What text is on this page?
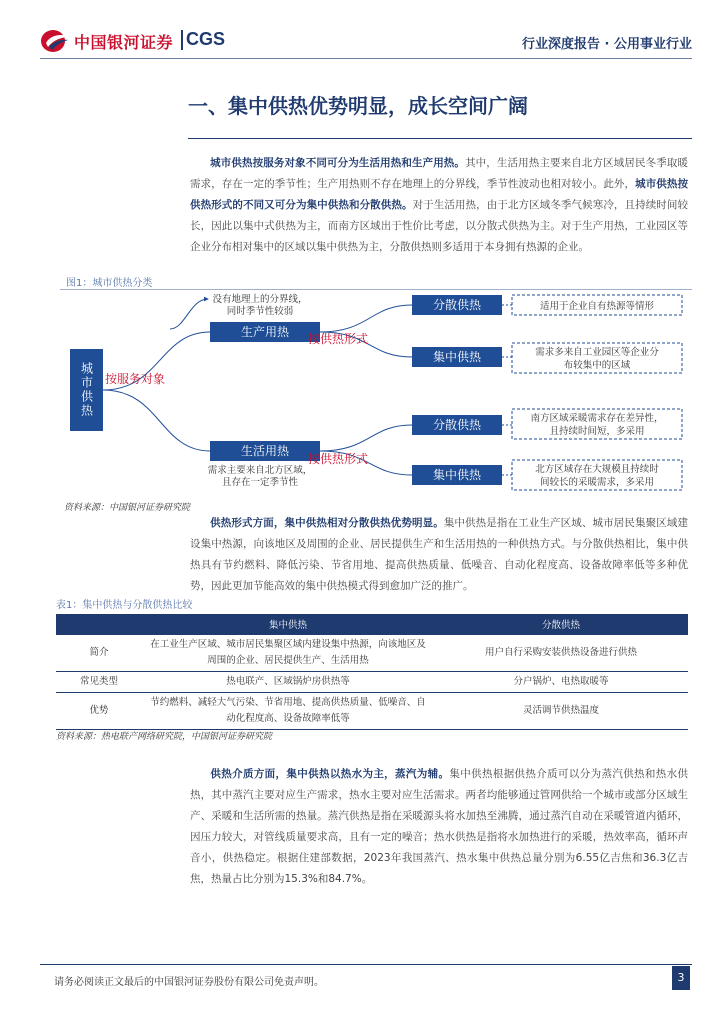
中国银河证券 CGS	行业深度报告 · 公用事业行业
一、集中供热优势明显，成长空间广阔
城市供热按服务对象不同可分为生活用热和生产用热。其中，生活用热主要来自北方区域居民冬季取暖需求，存在一定的季节性；生产用热则不存在地理上的分界线，季节性波动也相对较小。此外，城市供热按供热形式的不同又可分为集中供热和分散供热。对于生活用热，由于北方区域冬季气候寒冷，且持续时间较长，因此以集中式供热为主，而南方区域出于性价比考虑，以分散式供热为主。对于生产用热，工业园区等企业分布相对集中的区域以集中供热为主，分散供热则多适用于本身拥有热源的企业。
图1：城市供热分类
城市供热 按服务对象
生产用热
没有地理上的分界线，
同时季节性较弱
生活用热
需求主要来自北方区域，
且存在一定季节性
按供热形式
分散供热
集中供热
按供热形式
分散供热
集中供热
适用于企业自有热源等情形
需求多来自工业园区等企业分
布较集中的区域
南方区域采暖需求存在差异性，
且持续时间短，多采用
北方区域存在大规模且持续时
间较长的采暖需求，多采用
资料来源：中国银河证券研究院
供热形式方面，集中供热相对分散供热优势明显。集中供热是指在工业生产区域、城市居民集聚区域建设集中热源，向该地区及周围的企业、居民提供生产和生活用热的一种供热方式。与分散供热相比，集中供热具有节约燃料、降低污染、节省用地、提高供热质量、低噪音、自动化程度高、设备故障率低等多种优势，因此更加节能高效的集中供热模式得到愈加广泛的推广。
表1：集中供热与分散供热比较
	集中供热	分散供热
简介	在工业生产区域、城市居民集聚区域内建设集中热源，向该地区及周围的企业、居民提供生产、生活用热	用户自行采购安装供热设备进行供热
常见类型	热电联产、区域锅炉房供热等	分户锅炉、电热取暖等
优势	节约燃料、减轻大气污染、节省用地、提高供热质量、低噪音、自动化程度高、设备故障率低等	灵活调节供热温度
资料来源：热电联产网络研究院，中国银河证券研究院
供热介质方面，集中供热以热水为主，蒸汽为辅。集中供热根据供热介质可以分为蒸汽供热和热水供热，其中蒸汽主要对应生产需求，热水主要对应生活需求。两者均能够通过管网供给一个城市或部分区域生产、采暖和生活所需的热量。蒸汽供热是指在采暖源头将水加热至沸腾，通过蒸汽自动在采暖管道内循环，因压力较大，对管线质量要求高，且有一定的噪音；热水供热是指将水加热进行的采暖，热效率高，循环声音小，供热稳定。根据住建部数据，2023年我国蒸汽、热水集中供热总量分别为6.55亿吉焦和36.3亿吉焦，热量占比分别为15.3%和84.7%。
请务必阅读正文最后的中国银河证券股份有限公司免责声明。	3
